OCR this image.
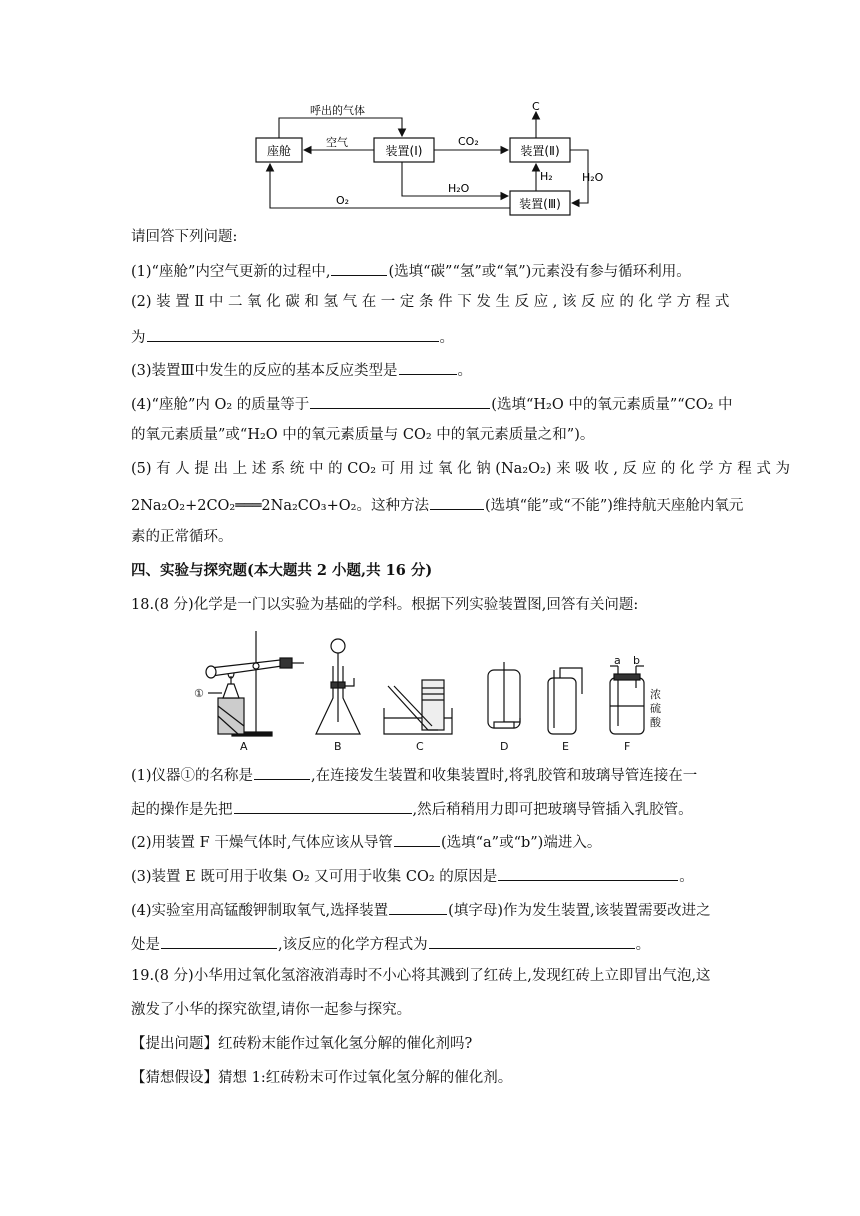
座舱	装置(Ⅰ)	装置(Ⅱ)
装置(Ⅲ)
呼出的气体
空气	CO₂
C
H₂	H₂O
H₂O
O₂
请回答下列问题:
(1)“座舱”内空气更新的过程中,	(选填“碳”“氢”或“氧”)元素没有参与循环利用。
(2) 装 置 Ⅱ 中 二 氧 化 碳 和 氢 气 在 一 定 条 件 下 发 生 反 应 , 该 反 应 的 化 学 方 程 式
为	。
(3)装置Ⅲ中发生的反应的基本反应类型是	。
(4)“座舱”内 O₂ 的质量等于	(选填“H₂O 中的氧元素质量”“CO₂ 中
的氧元素质量”或“H₂O 中的氧元素质量与 CO₂ 中的氧元素质量之和”)。
(5) 有 人 提 出 上 述 系 统 中 的 CO₂ 可 用 过 氧 化 钠 (Na₂O₂) 来 吸 收 , 反 应 的 化 学 方 程 式 为
2Na₂O₂+2CO₂═══2Na₂CO₃+O₂。这种方法	(选填“能”或“不能”)维持航天座舱内氧元
素的正常循环。
四、实验与探究题(本大题共 2 小题,共 16 分)
18.(8 分)化学是一门以实验为基础的学科。根据下列实验装置图,回答有关问题:
①
a b
浓
硫
酸
A	B	C	D	E	F
(1)仪器①的名称是	,在连接发生装置和收集装置时,将乳胶管和玻璃导管连接在一
起的操作是先把	,然后稍稍用力即可把玻璃导管插入乳胶管。
(2)用装置 F 干燥气体时,气体应该从导管	(选填“a”或“b”)端进入。
(3)装置 E 既可用于收集 O₂ 又可用于收集 CO₂ 的原因是	。
(4)实验室用高锰酸钾制取氧气,选择装置	(填字母)作为发生装置,该装置需要改进之
处是	,该反应的化学方程式为	。
19.(8 分)小华用过氧化氢溶液消毒时不小心将其溅到了红砖上,发现红砖上立即冒出气泡,这
激发了小华的探究欲望,请你一起参与探究。
【提出问题】红砖粉末能作过氧化氢分解的催化剂吗?
【猜想假设】猜想 1:红砖粉末可作过氧化氢分解的催化剂。
